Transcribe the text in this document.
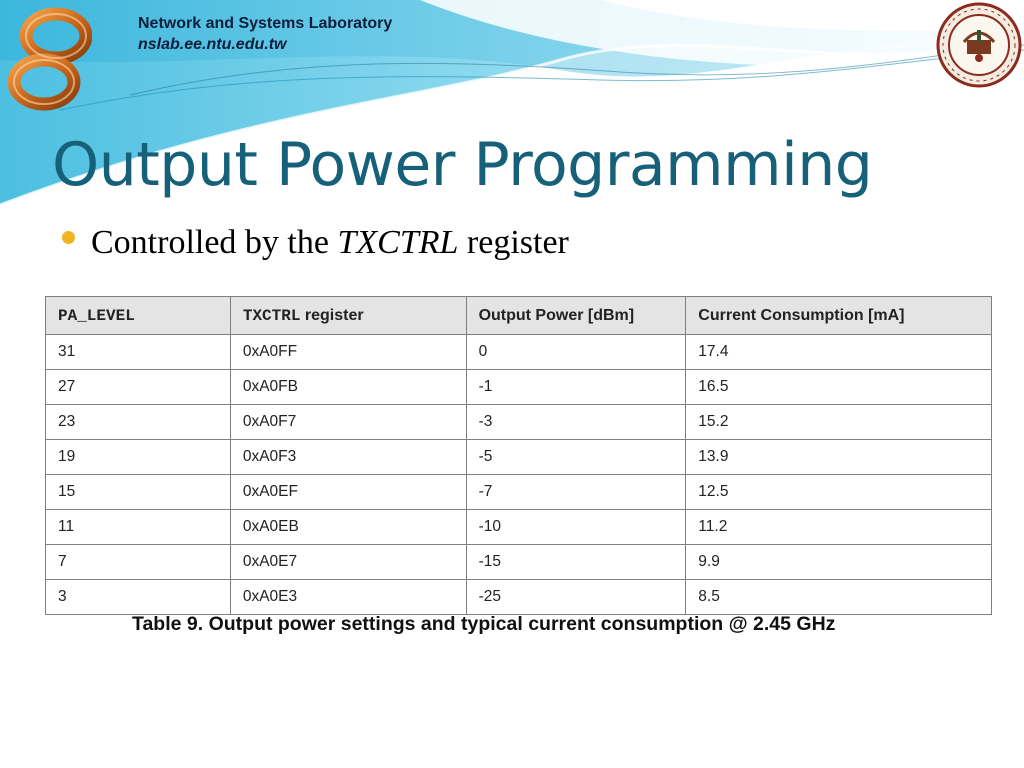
Network and Systems Laboratory
nslab.ee.ntu.edu.tw
Output Power Programming
Controlled by the TXCTRL register
PA_LEVEL	TXCTRL register	Output Power [dBm]	Current Consumption [mA]
31	0xA0FF	0	17.4
27	0xA0FB	-1	16.5
23	0xA0F7	-3	15.2
19	0xA0F3	-5	13.9
15	0xA0EF	-7	12.5
11	0xA0EB	-10	11.2
7	0xA0E7	-15	9.9
3	0xA0E3	-25	8.5
Table 9. Output power settings and typical current consumption @ 2.45 GHz
